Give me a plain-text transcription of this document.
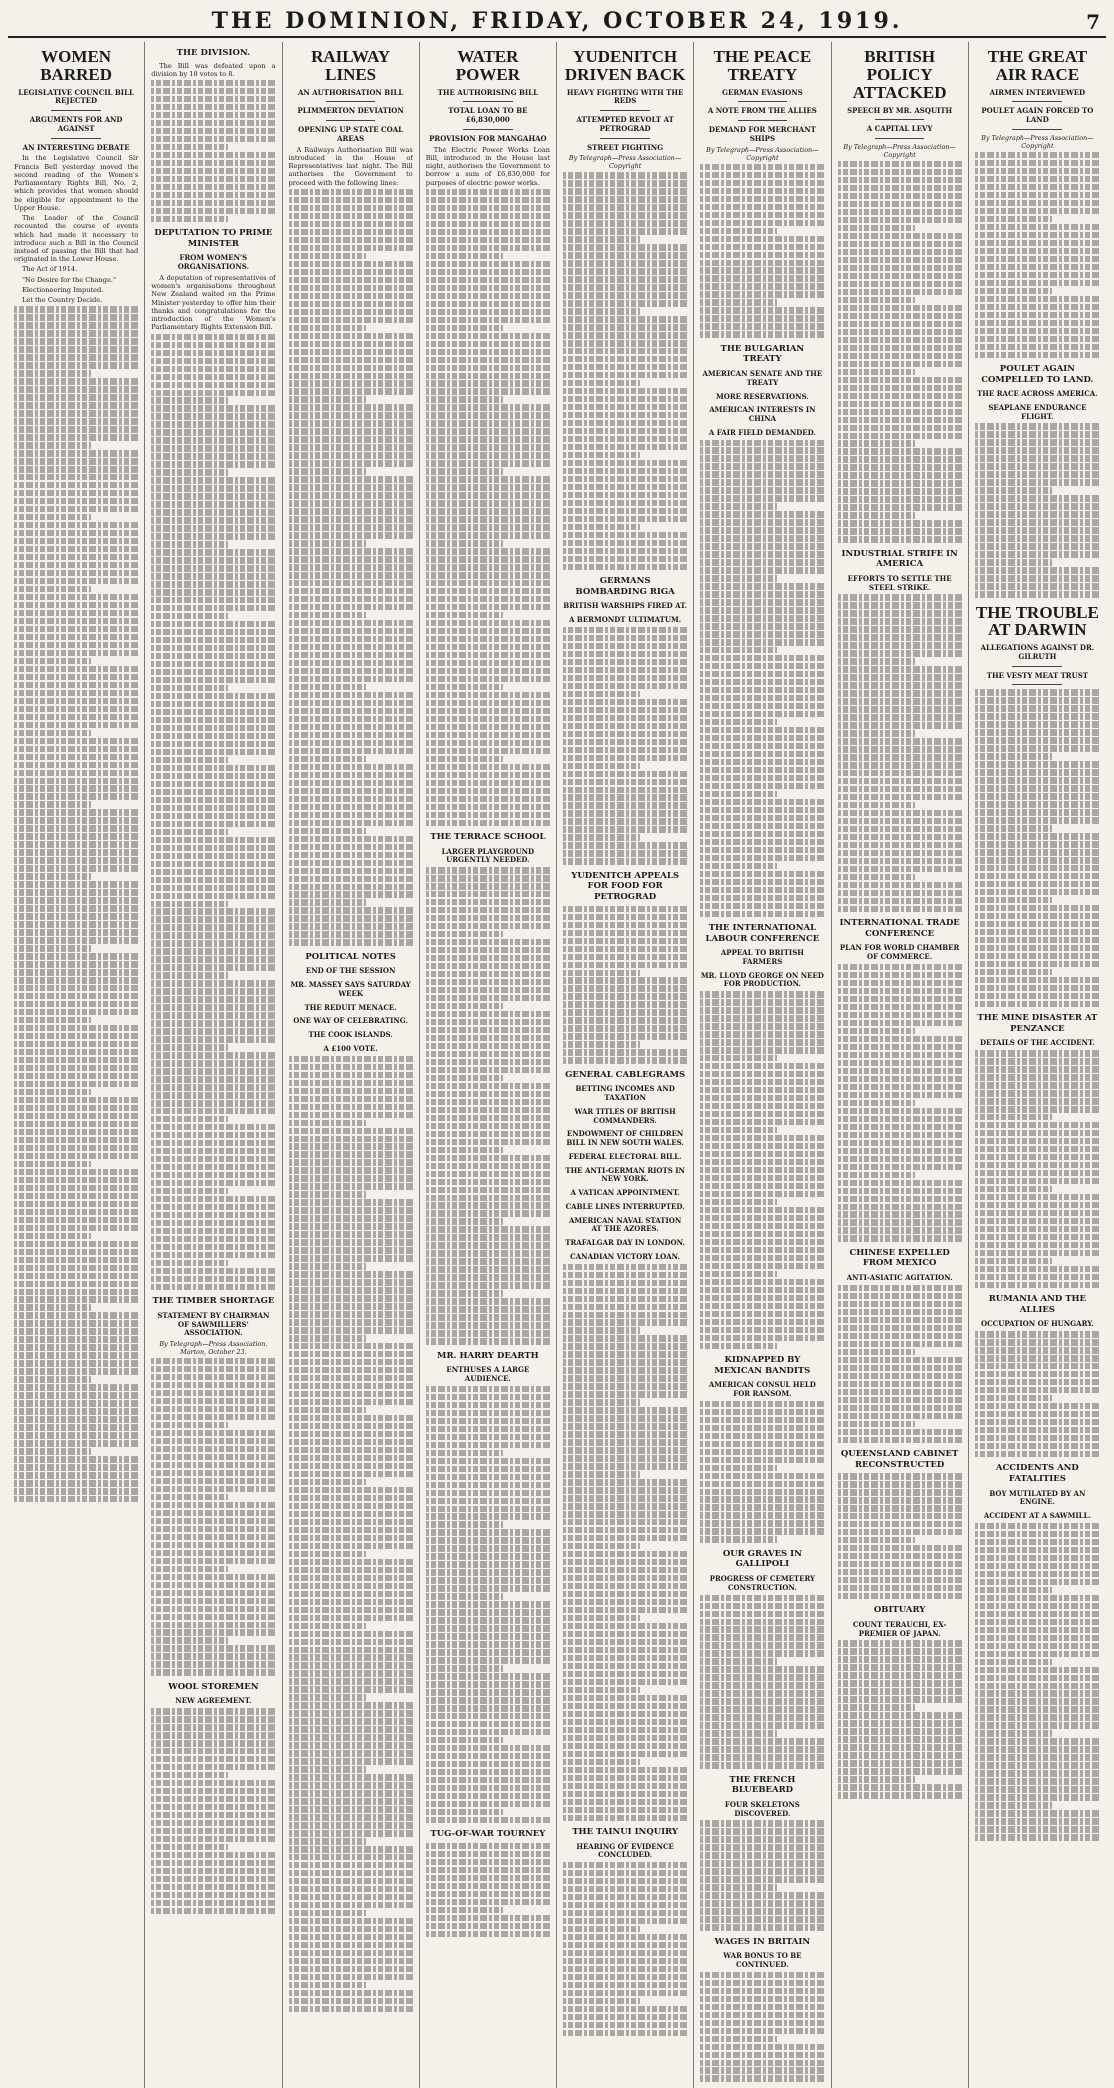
THE DOMINION, FRIDAY, OCTOBER 24, 1919.	7
WOMEN BARRED
LEGISLATIVE COUNCIL BILL REJECTED
ARGUMENTS FOR AND AGAINST
AN INTERESTING DEBATE

In the Legislative Council Sir Francis Bell yesterday moved the second reading of the Women's Parliamentary Rights Bill, No. 2, which provides that women should be eligible for appointment to the Upper House.

The Leader of the Council recounted the course of events which had made it necessary to introduce such a Bill in the Council instead of passing the Bill that had originated in the Lower House.

The Act of 1914.

"No Desire for the Change."

Electioneering Imputed.

Let the Country Decide.

THE DIVISION.

The Bill was defeated upon a division by 18 votes to 8.

DEPUTATION TO PRIME MINISTER
FROM WOMEN'S ORGANISATIONS.

A deputation of representatives of women's organisations throughout New Zealand waited on the Prime Minister yesterday to offer him their thanks and congratulations for the introduction of the Women's Parliamentary Rights Extension Bill.

THE TIMBER SHORTAGE
STATEMENT BY CHAIRMAN OF SAWMILLERS' ASSOCIATION.
By Telegraph—Press Association. Marton, October 23.
WOOL STOREMEN
NEW AGREEMENT.
RAILWAY LINES
AN AUTHORISATION BILL
PLIMMERTON DEVIATION
OPENING UP STATE COAL AREAS

A Railways Authorisation Bill was introduced in the House of Representatives last night. The Bill authorises the Government to proceed with the following lines:

POLITICAL NOTES
END OF THE SESSION
MR. MASSEY SAYS SATURDAY WEEK
THE REDUIT MENACE.
ONE WAY OF CELEBRATING.
THE COOK ISLANDS.
A £100 VOTE.
WATER POWER
THE AUTHORISING BILL
TOTAL LOAN TO BE £6,830,000
PROVISION FOR MANGAHAO

The Electric Power Works Loan Bill, introduced in the House last night, authorises the Government to borrow a sum of £6,830,000 for purposes of electric power works.

THE TERRACE SCHOOL
LARGER PLAYGROUND URGENTLY NEEDED.
MR. HARRY DEARTH
ENTHUSES A LARGE AUDIENCE.
TUG-OF-WAR TOURNEY
YUDENITCH DRIVEN BACK
HEAVY FIGHTING WITH THE REDS
ATTEMPTED REVOLT AT PETROGRAD
STREET FIGHTING
By Telegraph—Press Association—Copyright
GERMANS BOMBARDING RIGA
BRITISH WARSHIPS FIRED AT.
A BERMONDT ULTIMATUM.
YUDENITCH APPEALS FOR FOOD FOR PETROGRAD
GENERAL CABLEGRAMS
BETTING INCOMES AND TAXATION
WAR TITLES OF BRITISH COMMANDERS.
ENDOWMENT OF CHILDREN BILL IN NEW SOUTH WALES.
FEDERAL ELECTORAL BILL.
THE ANTI-GERMAN RIOTS IN NEW YORK.
A VATICAN APPOINTMENT.
CABLE LINES INTERRUPTED.
AMERICAN NAVAL STATION AT THE AZORES.
TRAFALGAR DAY IN LONDON.
CANADIAN VICTORY LOAN.
THE TAINUI INQUIRY
HEARING OF EVIDENCE CONCLUDED.
THE PEACE TREATY
GERMAN EVASIONS
A NOTE FROM THE ALLIES
DEMAND FOR MERCHANT SHIPS
By Telegraph—Press Association—Copyright
THE BULGARIAN TREATY
AMERICAN SENATE AND THE TREATY
MORE RESERVATIONS.
AMERICAN INTERESTS IN CHINA
A FAIR FIELD DEMANDED.
THE INTERNATIONAL LABOUR CONFERENCE
APPEAL TO BRITISH FARMERS
MR. LLOYD GEORGE ON NEED FOR PRODUCTION.
KIDNAPPED BY MEXICAN BANDITS
AMERICAN CONSUL HELD FOR RANSOM.
OUR GRAVES IN GALLIPOLI
PROGRESS OF CEMETERY CONSTRUCTION.
THE FRENCH BLUEBEARD
FOUR SKELETONS DISCOVERED.
WAGES IN BRITAIN
WAR BONUS TO BE CONTINUED.
BRITISH POLICY ATTACKED
SPEECH BY MR. ASQUITH
A CAPITAL LEVY
By Telegraph—Press Association—Copyright
INDUSTRIAL STRIFE IN AMERICA
EFFORTS TO SETTLE THE STEEL STRIKE.
INTERNATIONAL TRADE CONFERENCE
PLAN FOR WORLD CHAMBER OF COMMERCE.
CHINESE EXPELLED FROM MEXICO
ANTI-ASIATIC AGITATION.
QUEENSLAND CABINET RECONSTRUCTED
OBITUARY
COUNT TERAUCHI, EX-PREMIER OF JAPAN.
THE GREAT AIR RACE
AIRMEN INTERVIEWED
POULET AGAIN FORCED TO LAND
By Telegraph—Press Association—Copyright
POULET AGAIN COMPELLED TO LAND.
THE RACE ACROSS AMERICA.
SEAPLANE ENDURANCE FLIGHT.
THE TROUBLE AT DARWIN
ALLEGATIONS AGAINST DR. GILRUTH
THE VESTY MEAT TRUST
THE MINE DISASTER AT PENZANCE
DETAILS OF THE ACCIDENT.
RUMANIA AND THE ALLIES
OCCUPATION OF HUNGARY.
ACCIDENTS AND FATALITIES
BOY MUTILATED BY AN ENGINE.
ACCIDENT AT A SAWMILL.
